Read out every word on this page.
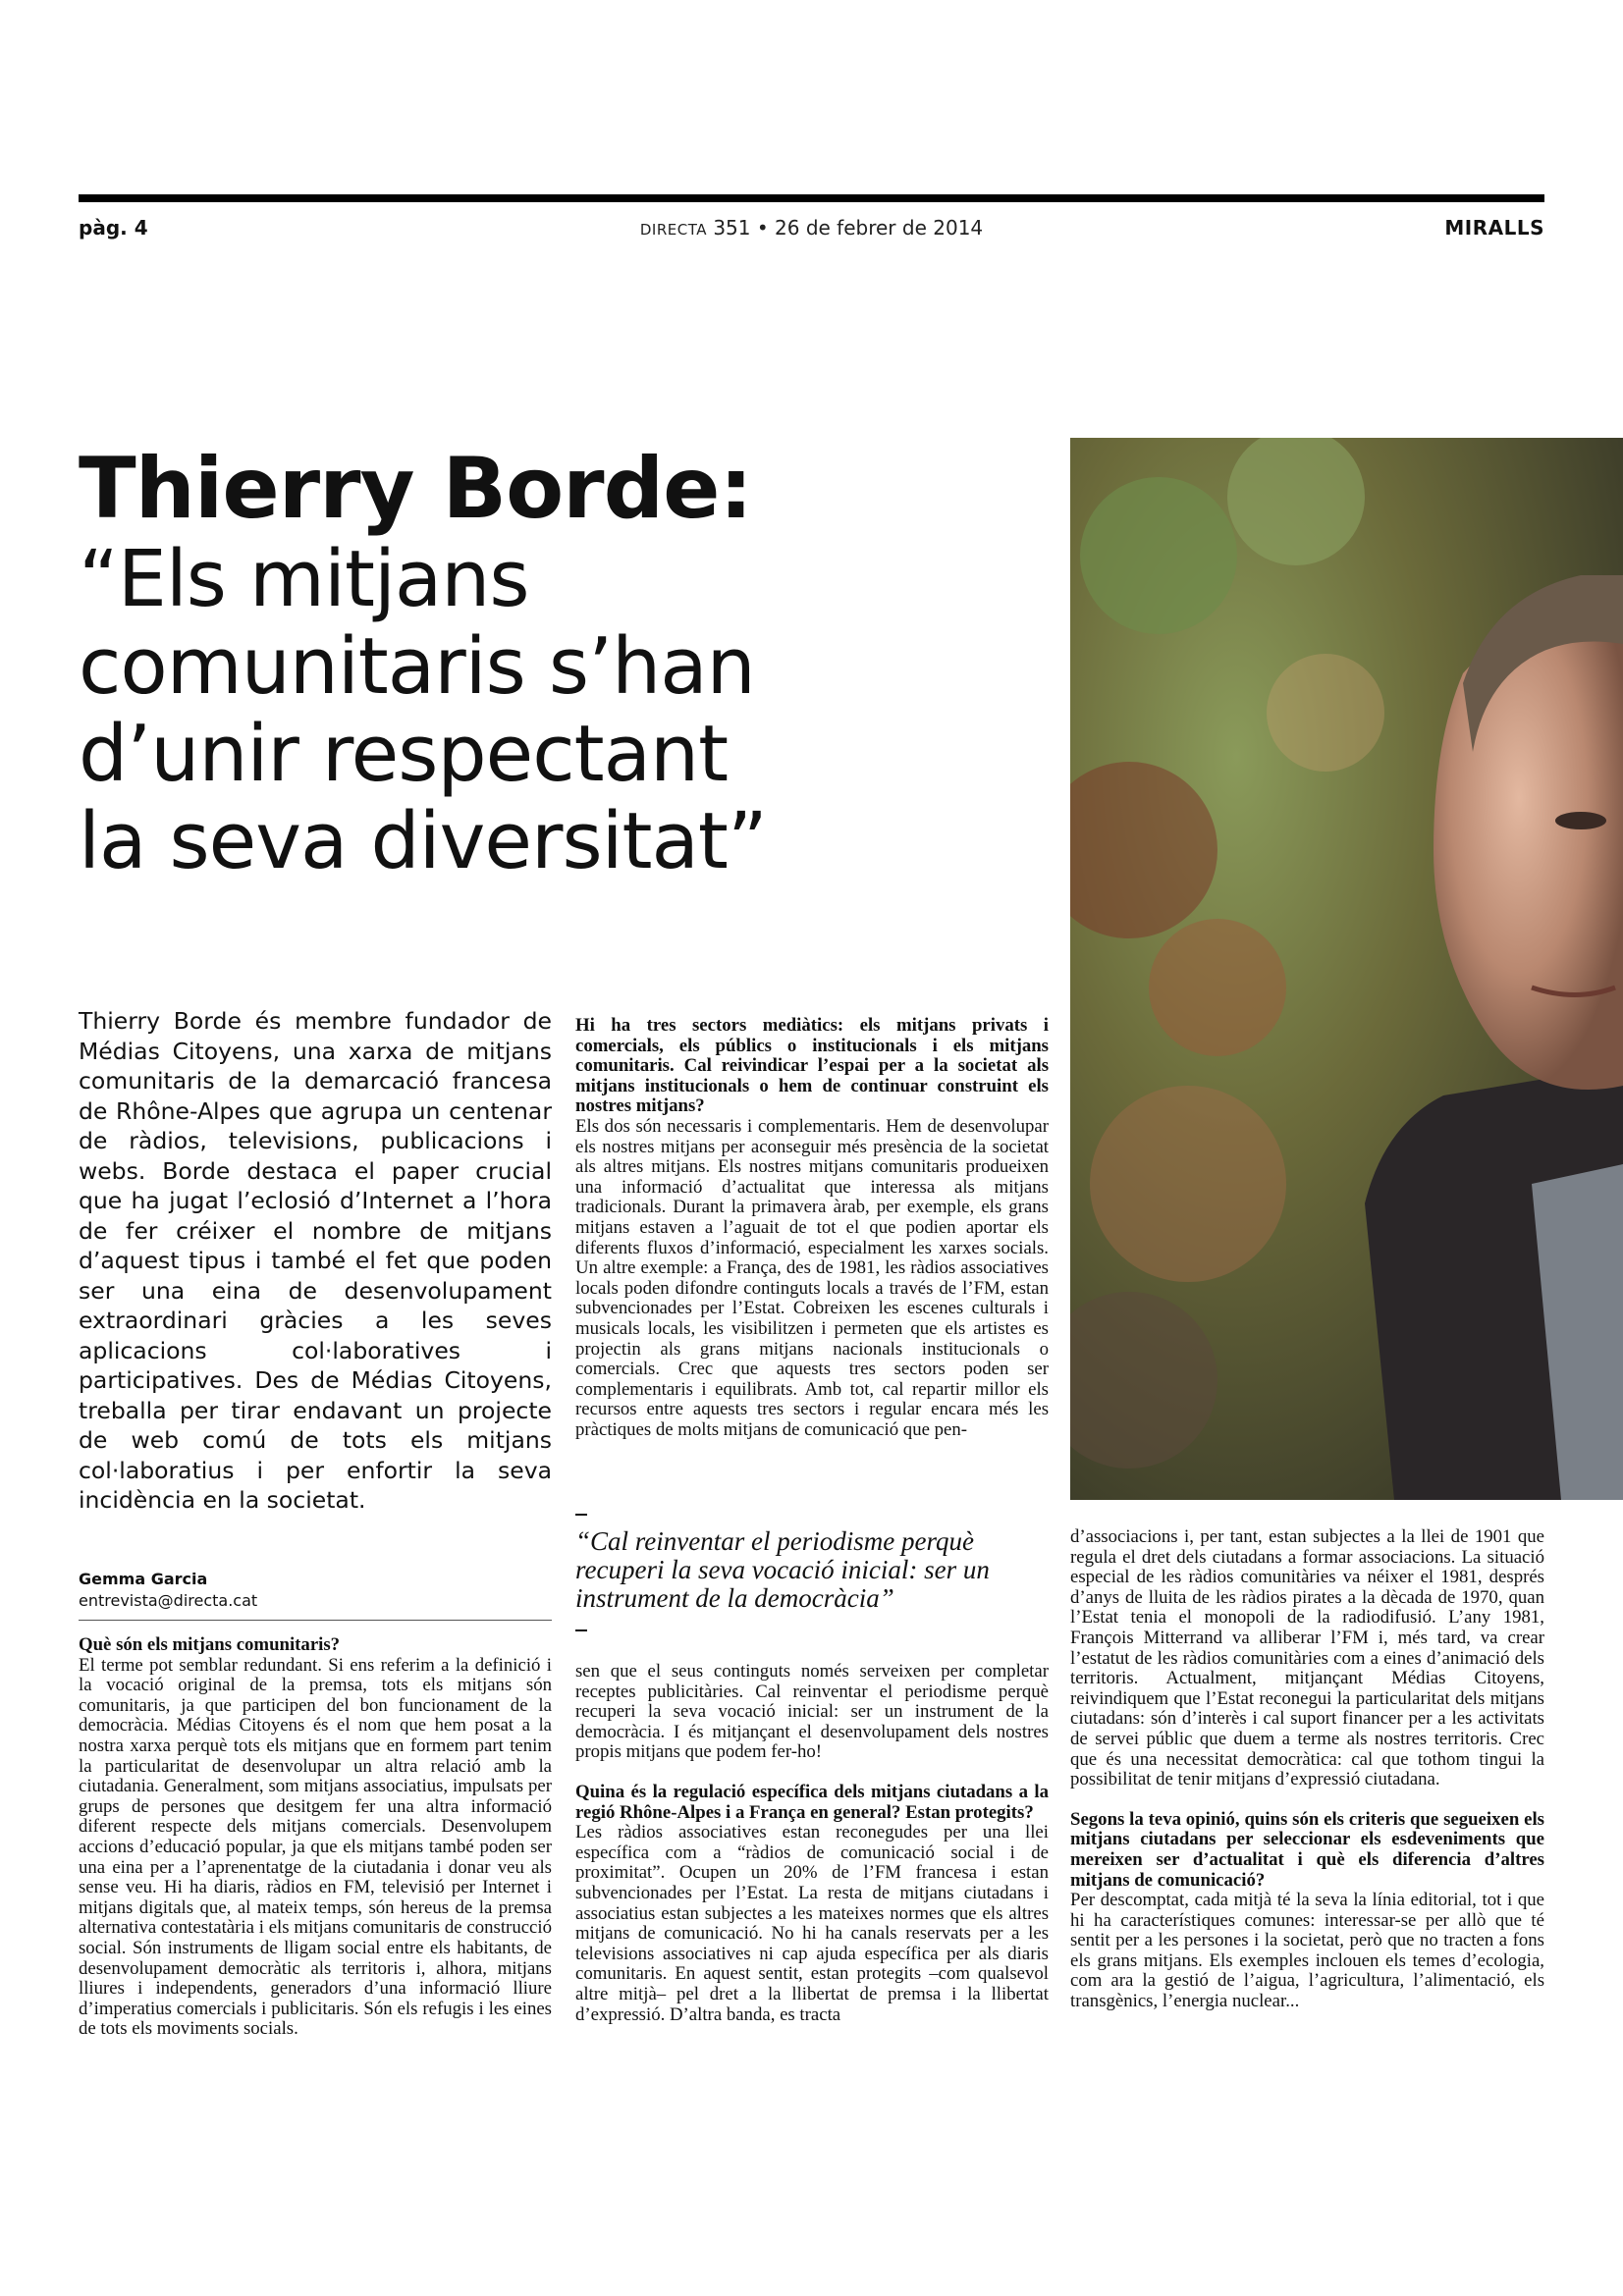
pàg. 4	DIRECTA 351 • 26 de febrer de 2014	MIRALLS
Thierry Borde:
“Els mitjans
comunitaris s’han
d’unir respectant
la seva diversitat”
Thierry Borde és membre fundador de Médias Citoyens, una xarxa de mitjans comunitaris de la demarcació francesa de Rhône-Alpes que agrupa un centenar de ràdios, televisions, publicacions i webs. Borde destaca el paper crucial que ha jugat l’eclosió d’Internet a l’hora de fer créixer el nombre de mitjans d’aquest tipus i també el fet que poden ser una eina de desenvolupament extraordinari gràcies a les seves aplicacions col·laboratives i participatives. Des de Médias Citoyens, treballa per tirar endavant un projecte de web comú de tots els mitjans col·laboratius i per enfortir la seva incidència en la societat.
Gemma Garcia
entrevista@directa.cat

Què són els mitjans comunitaris?

El terme pot semblar redundant. Si ens referim a la definició i la vocació original de la premsa, tots els mitjans són comunitaris, ja que participen del bon funcionament de la democràcia. Médias Citoyens és el nom que hem posat a la nostra xarxa perquè tots els mitjans que en formem part tenim la particularitat de desenvolupar un altra relació amb la ciutadania. Generalment, som mitjans associatius, impulsats per grups de persones que desitgem fer una altra informació diferent respecte dels mitjans comercials. Desenvolupem accions d’educació popular, ja que els mitjans també poden ser una eina per a l’aprenentatge de la ciutadania i donar veu als sense veu. Hi ha diaris, ràdios en FM, televisió per Internet i mitjans digitals que, al mateix temps, són hereus de la premsa alternativa contestatària i els mitjans comunitaris de construcció social. Són instruments de lligam social entre els habitants, de desenvolupament democràtic als territoris i, alhora, mitjans lliures i independents, generadors d’una informació lliure d’imperatius comercials i publicitaris. Són els refugis i les eines de tots els moviments socials.

Hi ha tres sectors mediàtics: els mitjans privats i comercials, els públics o institucionals i els mitjans comunitaris. Cal reivindicar l’espai per a la societat als mitjans institucionals o hem de continuar construint els nostres mitjans?

Els dos són necessaris i complementaris. Hem de desenvolupar els nostres mitjans per aconseguir més presència de la societat als altres mitjans. Els nostres mitjans comunitaris produeixen una informació d’actualitat que interessa als mitjans tradicionals. Durant la primavera àrab, per exemple, els grans mitjans estaven a l’aguait de tot el que podien aportar els diferents fluxos d’informació, especialment les xarxes socials. Un altre exemple: a França, des de 1981, les ràdios associatives locals poden difondre continguts locals a través de l’FM, estan subvencionades per l’Estat. Cobreixen les escenes culturals i musicals locals, les visibilitzen i permeten que els artistes es projectin als grans mitjans nacionals institucionals o comercials. Crec que aquests tres sectors poden ser complementaris i equilibrats. Amb tot, cal repartir millor els recursos entre aquests tres sectors i regular encara més les pràctiques de molts mitjans de comunicació que pen-

“Cal reinventar el periodisme perquè recuperi la seva vocació inicial: ser un instrument de la democràcia”

sen que el seus continguts només serveixen per completar receptes publicitàries. Cal reinventar el periodisme perquè recuperi la seva vocació inicial: ser un instrument de la democràcia. I és mitjançant el desenvolupament dels nostres propis mitjans que podem fer-ho!

Quina és la regulació específica dels mitjans ciutadans a la regió Rhône-Alpes i a França en general? Estan protegits?

Les ràdios associatives estan reconegudes per una llei específica com a “ràdios de comunicació social i de proximitat”. Ocupen un 20% de l’FM francesa i estan subvencionades per l’Estat. La resta de mitjans ciutadans i associatius estan subjectes a les mateixes normes que els altres mitjans de comunicació. No hi ha canals reservats per a les televisions associatives ni cap ajuda específica per als diaris comunitaris. En aquest sentit, estan protegits –com qualsevol altre mitjà– pel dret a la llibertat de premsa i la llibertat d’expressió. D’altra banda, es tracta

d’associacions i, per tant, estan subjectes a la llei de 1901 que regula el dret dels ciutadans a formar associacions. La situació especial de les ràdios comunitàries va néixer el 1981, després d’anys de lluita de les ràdios pirates a la dècada de 1970, quan l’Estat tenia el monopoli de la radiodifusió. L’any 1981, François Mitterrand va alliberar l’FM i, més tard, va crear l’estatut de les ràdios comunitàries com a eines d’animació dels territoris. Actualment, mitjançant Médias Citoyens, reivindiquem que l’Estat reconegui la particularitat dels mitjans ciutadans: són d’interès i cal suport financer per a les activitats de servei públic que duem a terme als nostres territoris. Crec que és una necessitat democràtica: cal que tothom tingui la possibilitat de tenir mitjans d’expressió ciutadana.

Segons la teva opinió, quins són els criteris que segueixen els mitjans ciutadans per seleccionar els esdeveniments que mereixen ser d’actualitat i què els diferencia d’altres mitjans de comunicació?

Per descomptat, cada mitjà té la seva la línia editorial, tot i que hi ha característiques comunes: interessar-se per allò que té sentit per a les persones i la societat, però que no tracten a fons els grans mitjans. Els exemples inclouen els temes d’ecologia, com ara la gestió de l’aigua, l’agricultura, l’alimentació, els transgènics, l’energia nuclear...
